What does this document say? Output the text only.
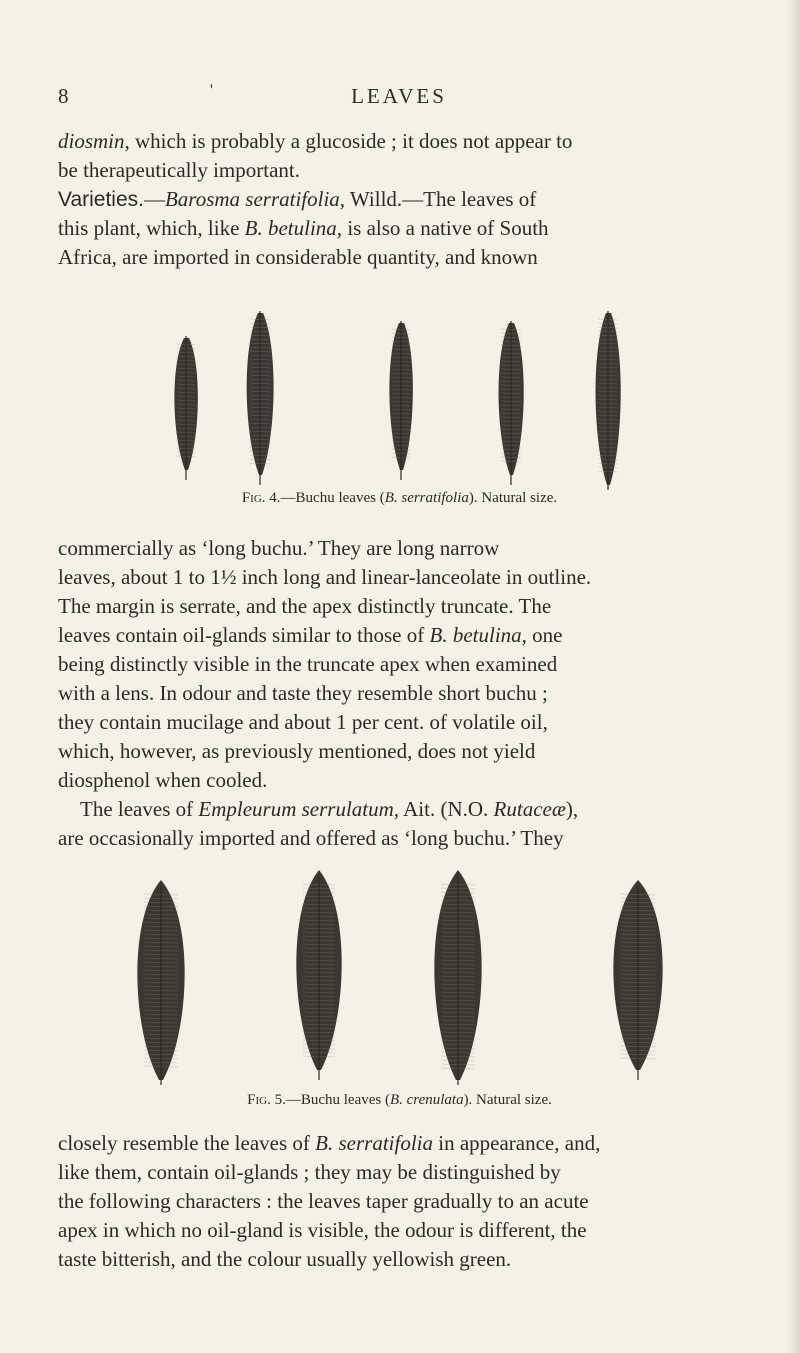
8	'	LEAVES
diosmin, which is probably a glucoside ; it does not appear to
be therapeutically important.
Varieties.—Barosma serratifolia, Willd.—The leaves of
this plant, which, like B. betulina, is also a native of South
Africa, are imported in considerable quantity, and known
Fig. 4.—Buchu leaves (B. serratifolia). Natural size.
commercially as ‘long buchu.’ They are long narrow
leaves, about 1 to 1½ inch long and linear-lanceolate in outline.
The margin is serrate, and the apex distinctly truncate. The
leaves contain oil-glands similar to those of B. betulina, one
being distinctly visible in the truncate apex when examined
with a lens. In odour and taste they resemble short buchu ;
they contain mucilage and about 1 per cent. of volatile oil,
which, however, as previously mentioned, does not yield
diosphenol when cooled.
The leaves of Empleurum serrulatum, Ait. (N.O. Rutaceæ),
are occasionally imported and offered as ‘long buchu.’ They
Fig. 5.—Buchu leaves (B. crenulata). Natural size.
closely resemble the leaves of B. serratifolia in appearance, and,
like them, contain oil-glands ; they may be distinguished by
the following characters : the leaves taper gradually to an acute
apex in which no oil-gland is visible, the odour is different, the
taste bitterish, and the colour usually yellowish green.
